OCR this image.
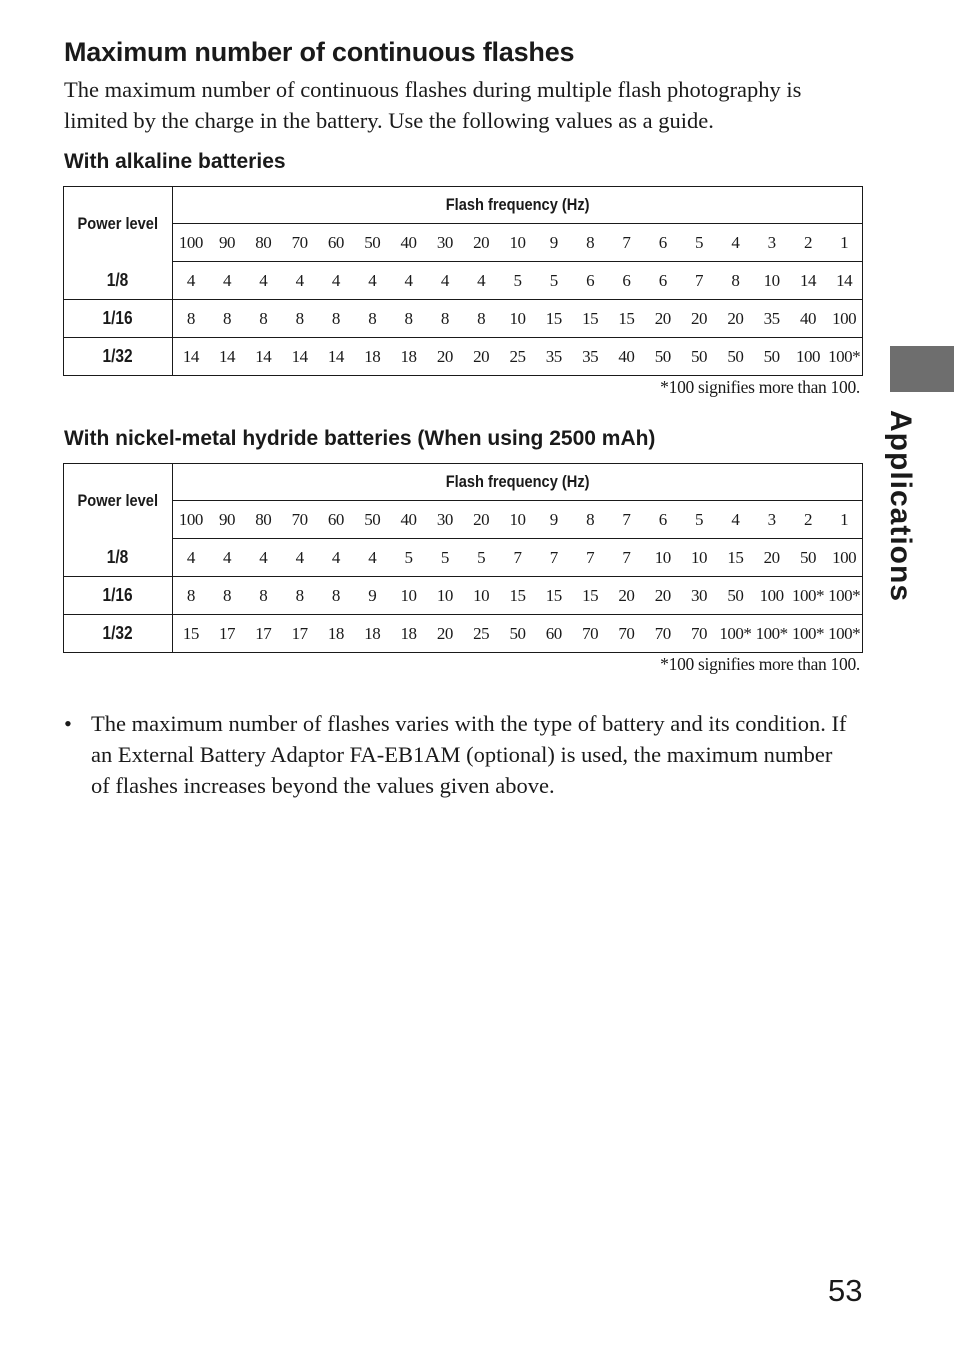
Maximum number of continuous flashes

The maximum number of continuous flashes during multiple flash photography is limited by the charge in the battery. Use the following values as a guide.

With alkaline batteries
Power level	Flash frequency (Hz)																		
	100	90	80	70	60	50	40	30	20	10	9	8	7	6	5	4	3	2	1
1/8	4	4	4	4	4	4	4	4	4	5	5	6	6	6	7	8	10	14	14
1/16	8	8	8	8	8	8	8	8	8	10	15	15	15	20	20	20	35	40	100
1/32	14	14	14	14	14	18	18	20	20	25	35	35	40	50	50	50	50	100	100*
*100 signifies more than 100.
With nickel-metal hydride batteries (When using 2500 mAh)
Power level	Flash frequency (Hz)																		
	100	90	80	70	60	50	40	30	20	10	9	8	7	6	5	4	3	2	1
1/8	4	4	4	4	4	4	5	5	5	7	7	7	7	10	10	15	20	50	100
1/16	8	8	8	8	8	9	10	10	10	15	15	15	20	20	30	50	100	100*	100*
1/32	15	17	17	17	18	18	18	20	25	50	60	70	70	70	70	100*	100*	100*	100*
*100 signifies more than 100.
• The maximum number of flashes varies with the type of battery and its condition. If an External Battery Adaptor FA-EB1AM (optional) is used, the maximum number of flashes increases beyond the values given above.
Applications
53
